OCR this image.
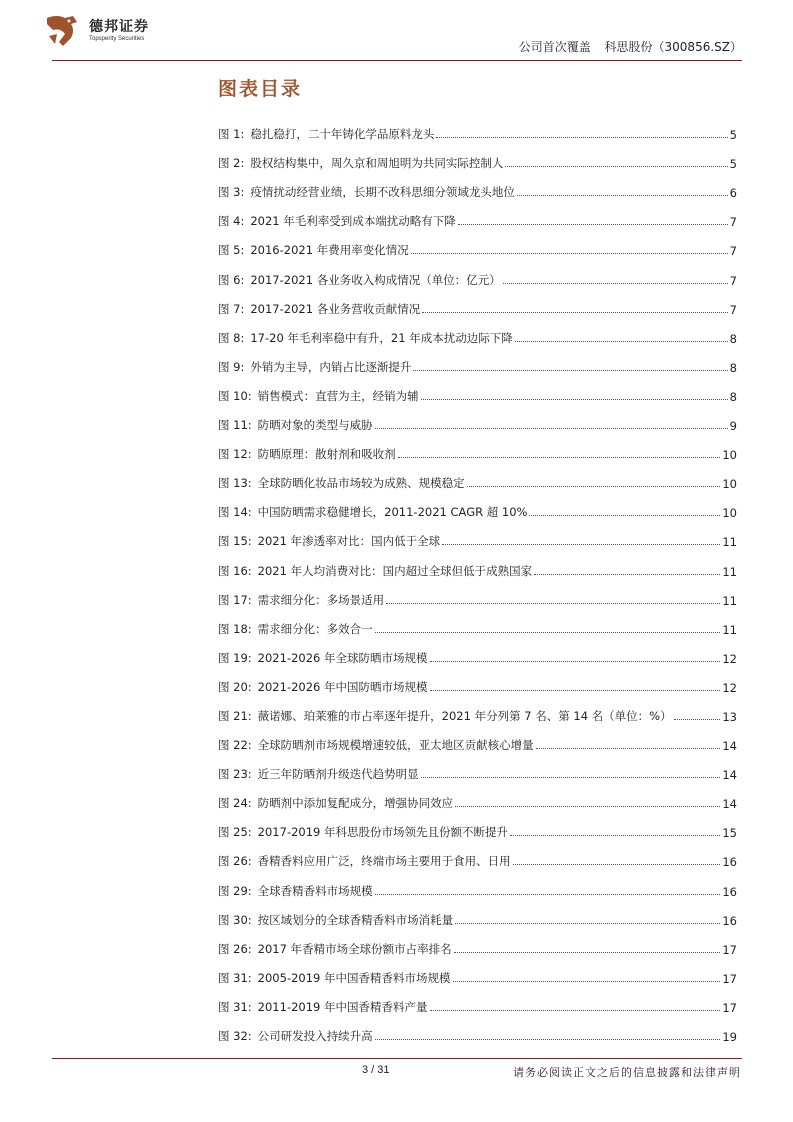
德邦证券
Topsperity Securities
公司首次覆盖 科思股份（300856.SZ）
图表目录
图 1: 稳扎稳打，二十年铸化学品原料龙头	5
图 2: 股权结构集中，周久京和周旭明为共同实际控制人	5
图 3: 疫情扰动经营业绩，长期不改科思细分领域龙头地位	6
图 4: 2021 年毛利率受到成本端扰动略有下降	7
图 5: 2016-2021 年费用率变化情况	7
图 6: 2017-2021 各业务收入构成情况（单位：亿元）	7
图 7: 2017-2021 各业务营收贡献情况	7
图 8: 17-20 年毛利率稳中有升，21 年成本扰动边际下降	8
图 9: 外销为主导，内销占比逐渐提升	8
图 10: 销售模式：直营为主，经销为辅	8
图 11: 防晒对象的类型与威胁	9
图 12: 防晒原理：散射剂和吸收剂	10
图 13: 全球防晒化妆品市场较为成熟、规模稳定	10
图 14: 中国防晒需求稳健增长，2011-2021 CAGR 超 10%	10
图 15: 2021 年渗透率对比：国内低于全球	11
图 16: 2021 年人均消费对比：国内超过全球但低于成熟国家	11
图 17: 需求细分化：多场景适用	11
图 18: 需求细分化：多效合一	11
图 19: 2021-2026 年全球防晒市场规模	12
图 20: 2021-2026 年中国防晒市场规模	12
图 21: 薇诺娜、珀莱雅的市占率逐年提升，2021 年分列第 7 名、第 14 名（单位：%）	13
图 22: 全球防晒剂市场规模增速较低，亚太地区贡献核心增量	14
图 23: 近三年防晒剂升级迭代趋势明显	14
图 24: 防晒剂中添加复配成分，增强协同效应	14
图 25: 2017-2019 年科思股份市场领先且份额不断提升	15
图 26: 香精香料应用广泛，终端市场主要用于食用、日用	16
图 29: 全球香精香料市场规模	16
图 30: 按区域划分的全球香精香料市场消耗量	16
图 26: 2017 年香精市场全球份额市占率排名	17
图 31: 2005-2019 年中国香精香料市场规模	17
图 31: 2011-2019 年中国香精香料产量	17
图 32: 公司研发投入持续升高	19
3 / 31	请务必阅读正文之后的信息披露和法律声明
